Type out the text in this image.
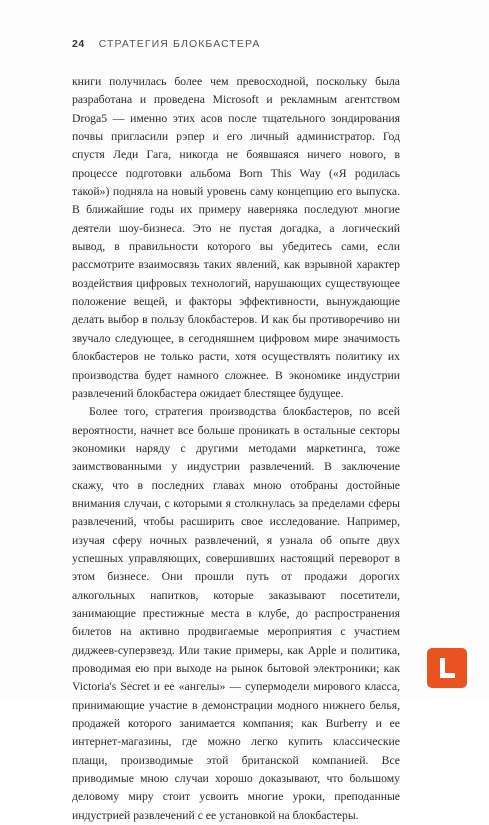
24 СТРАТЕГИЯ БЛОКБАСТЕРА

книги получилась более чем превосходной, поскольку была разработана и проведена Microsoft и рекламным агентством Droga5 — именно этих асов после тщательного зондирования почвы пригласили рэпер и его личный администратор. Год спустя Леди Гага, никогда не боявшаяся ничего нового, в процессе подготовки альбома Born This Way («Я родилась такой») подняла на новый уровень саму концепцию его выпуска. В ближайшие годы их примеру наверняка последуют многие деятели шоу-бизнеса. Это не пустая догадка, а логический вывод, в правильности которого вы убедитесь сами, если рассмотрите взаимосвязь таких явлений, как взрывной характер воздействия цифровых технологий, нарушающих существующее положение вещей, и факторы эффективности, вынуждающие делать выбор в пользу блокбастеров. И как бы противоречиво ни звучало следующее, в сегодняшнем цифровом мире значимость блокбастеров не только расти, хотя осуществлять политику их производства будет намного сложнее. В экономике индустрии развлечений блокбастера ожидает блестящее будущее.

Более того, стратегия производства блокбастеров, по всей вероятности, начнет все больше проникать в остальные секторы экономики наряду с другими методами маркетинга, тоже заимствованными у индустрии развлечений. В заключение скажу, что в последних главах мною отобраны достойные внимания случаи, с которыми я столкнулась за пределами сферы развлечений, чтобы расширить свое исследование. Например, изучая сферу ночных развлечений, я узнала об опыте двух успешных управляющих, совершивших настоящий переворот в этом бизнесе. Они прошли путь от продажи дорогих алкогольных напитков, которые заказывают посетители, занимающие престижные места в клубе, до распространения билетов на активно продвигаемые мероприятия с участием диджеев-суперзвезд. Или такие примеры, как Apple и политика, проводимая ею при выходе на рынок бытовой электроники; как Victoria's Secret и ее «ангелы» — супермодели мирового класса, принимающие участие в демонстрации модного нижнего белья, продажей которого занимается компания; как Burberry и ее интернет-магазины, где можно легко купить классические плащи, производимые этой британской компанией. Все приводимые мною случаи хорошо доказывают, что большому деловому миру стоит усвоить многие уроки, преподанные индустрией развлечений с ее установкой на блокбастеры.
